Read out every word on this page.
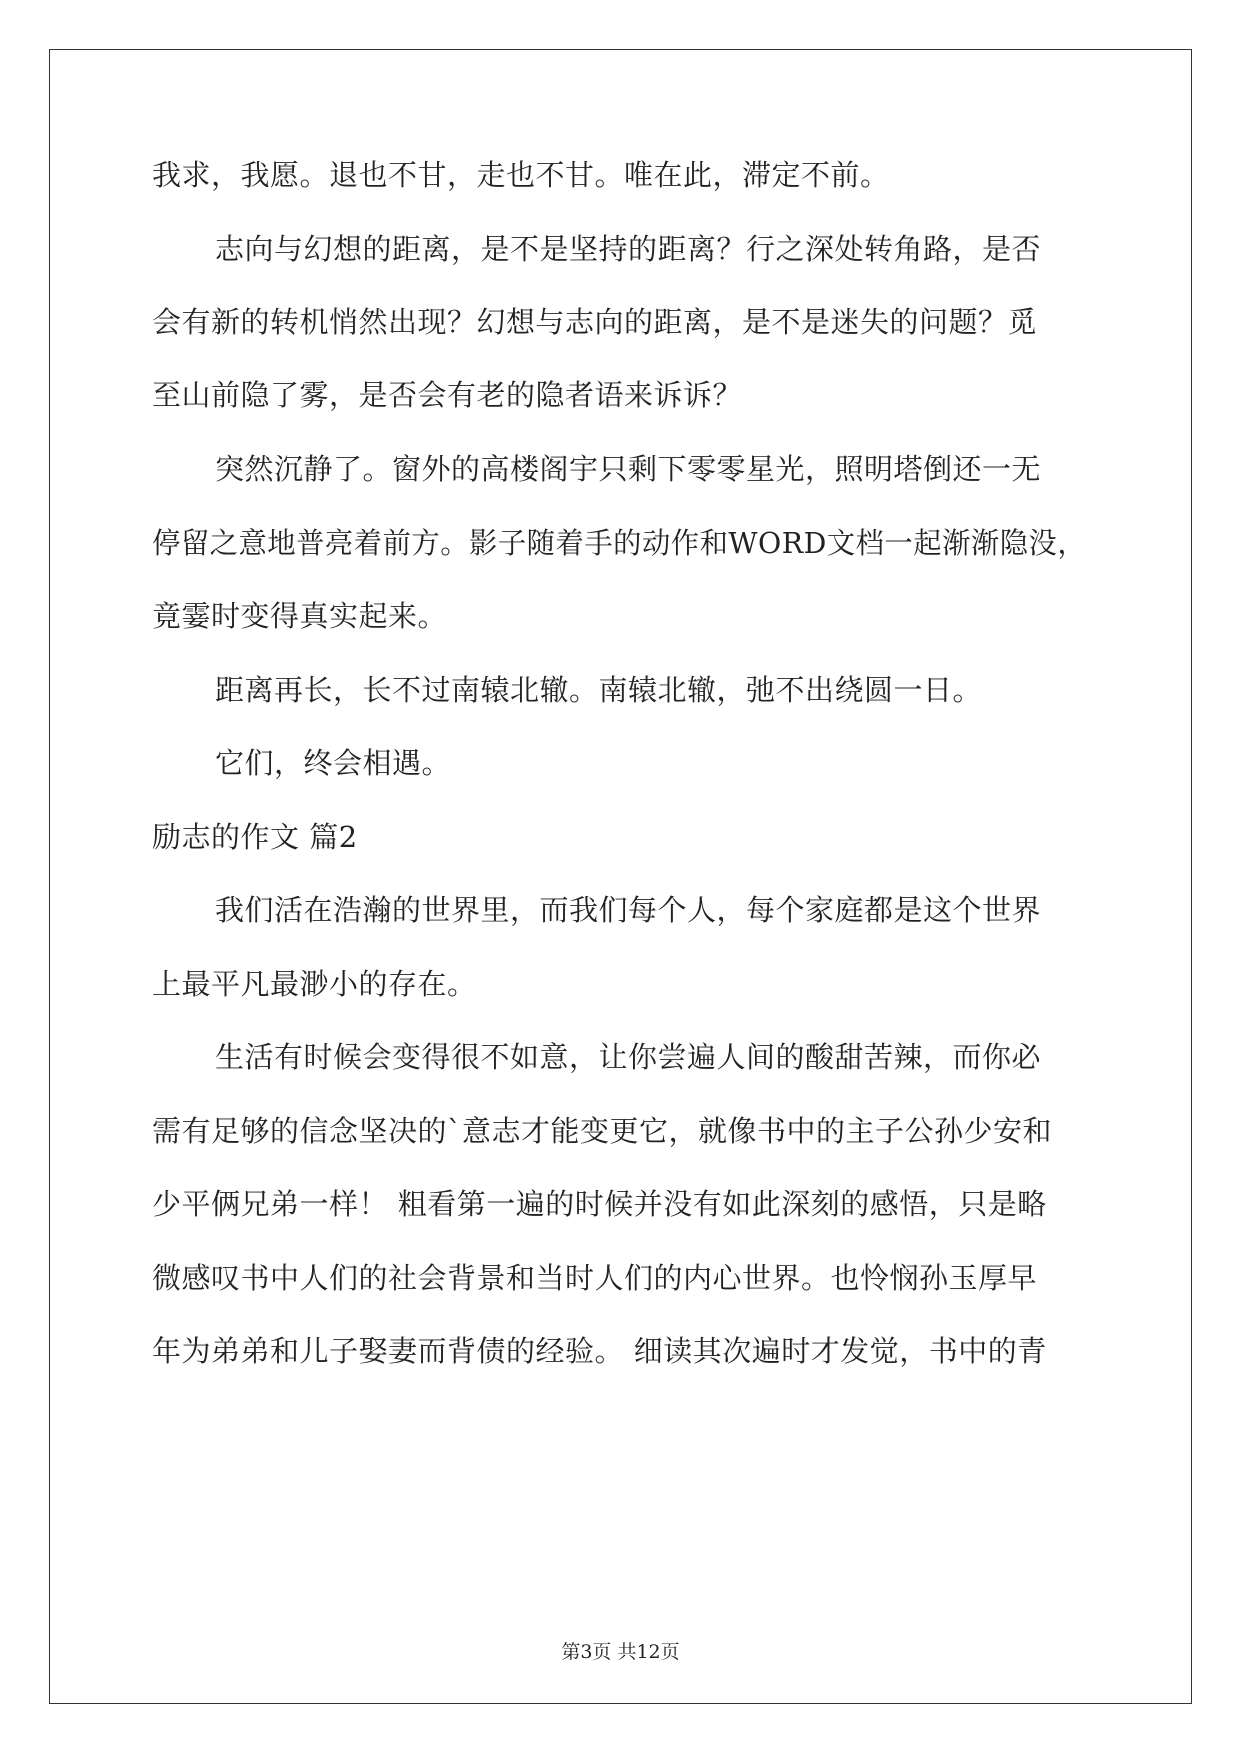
我求，我愿。退也不甘，走也不甘。唯在此，滞定不前。
志向与幻想的距离，是不是坚持的距离？行之深处转角路，是否
会有新的转机悄然出现？幻想与志向的距离，是不是迷失的问题？觅
至山前隐了雾，是否会有老的隐者语来诉诉？
突然沉静了。窗外的高楼阁宇只剩下零零星光，照明塔倒还一无
停留之意地普亮着前方。影子随着手的动作和WORD文档一起渐渐隐没，
竟霎时变得真实起来。
距离再长，长不过南辕北辙。南辕北辙，弛不出绕圆一日。
它们，终会相遇。
励志的作文 篇2
我们活在浩瀚的世界里，而我们每个人，每个家庭都是这个世界
上最平凡最渺小的存在。
生活有时候会变得很不如意，让你尝遍人间的酸甜苦辣，而你必
需有足够的信念坚决的`意志才能变更它，就像书中的主子公孙少安和
少平俩兄弟一样！ 粗看第一遍的时候并没有如此深刻的感悟，只是略
微感叹书中人们的社会背景和当时人们的内心世界。也怜悯孙玉厚早
年为弟弟和儿子娶妻而背债的经验。 细读其次遍时才发觉，书中的青
第3页 共12页
